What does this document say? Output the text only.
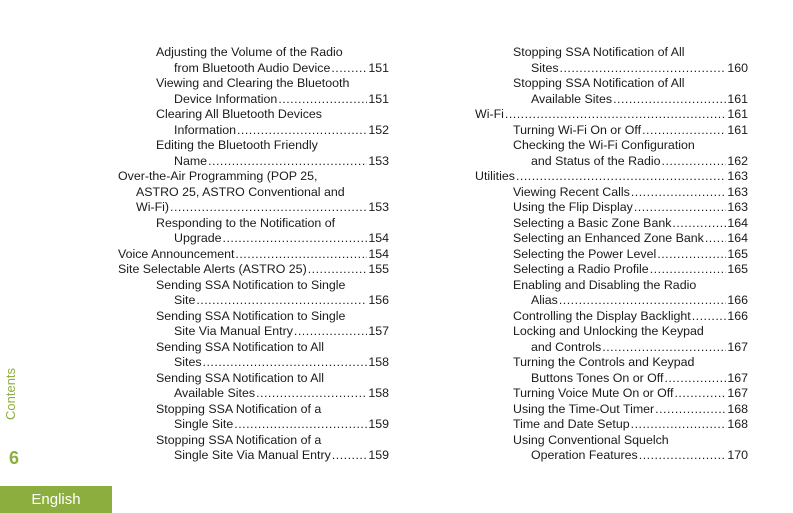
Adjusting the Volume of the Radio
from Bluetooth Audio Device .....	151
Viewing and Clearing the Bluetooth
Device Information .....	151
Clearing All Bluetooth Devices
Information .....	152
Editing the Bluetooth Friendly
Name .....	153
Over-the-Air Programming (POP 25,
ASTRO 25, ASTRO Conventional and
Wi-Fi) .....	153
Responding to the Notification of
Upgrade .....	154
Voice Announcement .....	154
Site Selectable Alerts (ASTRO 25) .....	155
Sending SSA Notification to Single
Site .....	156
Sending SSA Notification to Single
Site Via Manual Entry .....	157
Sending SSA Notification to All
Sites .....	158
Sending SSA Notification to All
Available Sites .....	158
Stopping SSA Notification of a
Single Site .....	159
Stopping SSA Notification of a
Single Site Via Manual Entry .....	159
Stopping SSA Notification of All
Sites .....	160
Stopping SSA Notification of All
Available Sites .....	161
Wi-Fi .....	161
Turning Wi-Fi On or Off .....	161
Checking the Wi-Fi Configuration
and Status of the Radio .....	162
Utilities .....	163
Viewing Recent Calls .....	163
Using the Flip Display .....	163
Selecting a Basic Zone Bank .....	164
Selecting an Enhanced Zone Bank ..... 164
Selecting the Power Level .....	165
Selecting a Radio Profile .....	165
Enabling and Disabling the Radio
Alias .....	166
Controlling the Display Backlight .....	166
Locking and Unlocking the Keypad
and Controls .....	167
Turning the Controls and Keypad
Buttons Tones On or Off .....	167
Turning Voice Mute On or Off .....	167
Using the Time-Out Timer .....	168
Time and Date Setup .....	168
Using Conventional Squelch
Operation Features .....	170
Contents
6
English
